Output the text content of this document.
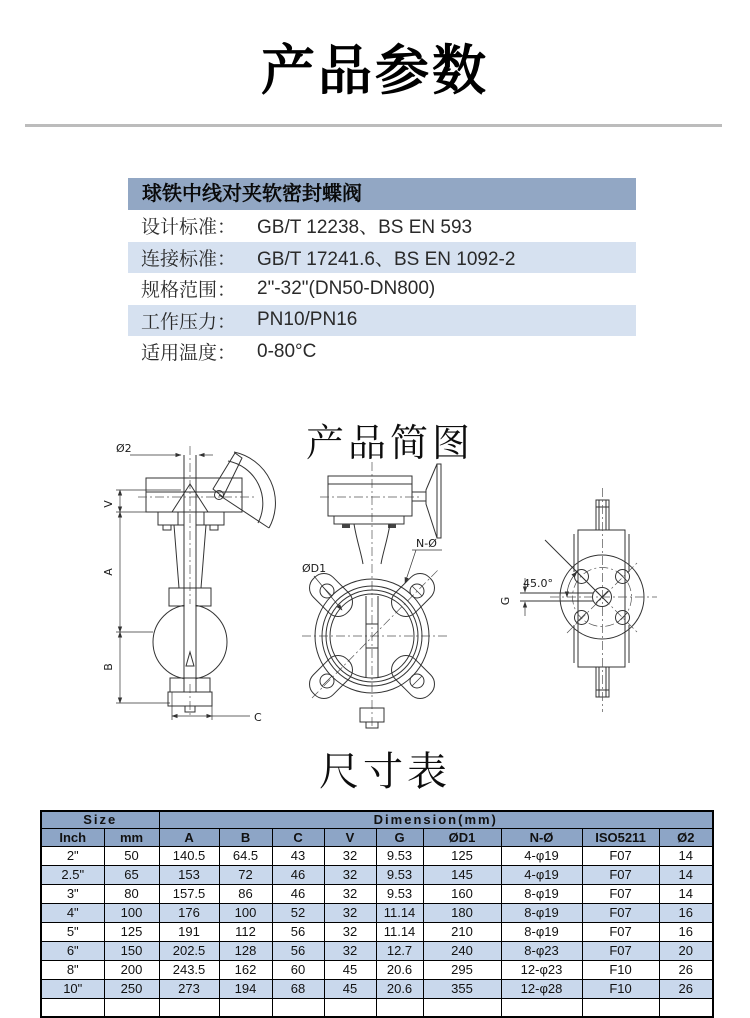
产品参数
球铁中线对夹软密封蝶阀
设计标准：	GB/T 12238、BS EN 593
连接标准：	GB/T 17241.6、BS EN 1092-2
规格范围：	2"-32"(DN50-DN800)
工作压力：	PN10/PN16
适用温度：	0-80°C
产品简图
Ø2
V
A
B
C
ØD1
N-Ø
45.0°
G
尺寸表
Size		Dimension(mm)								
Inch	mm	A	B	C	V	G	ØD1	N-Ø	ISO5211	Ø2
2"	50	140.5	64.5	43	32	9.53	125	4-φ19	F07	14
2.5"	65	153	72	46	32	9.53	145	4-φ19	F07	14
3"	80	157.5	86	46	32	9.53	160	8-φ19	F07	14
4"	100	176	100	52	32	11.14	180	8-φ19	F07	16
5"	125	191	112	56	32	11.14	210	8-φ19	F07	16
6"	150	202.5	128	56	32	12.7	240	8-φ23	F07	20
8"	200	243.5	162	60	45	20.6	295	12-φ23	F10	26
10"	250	273	194	68	45	20.6	355	12-φ28	F10	26
